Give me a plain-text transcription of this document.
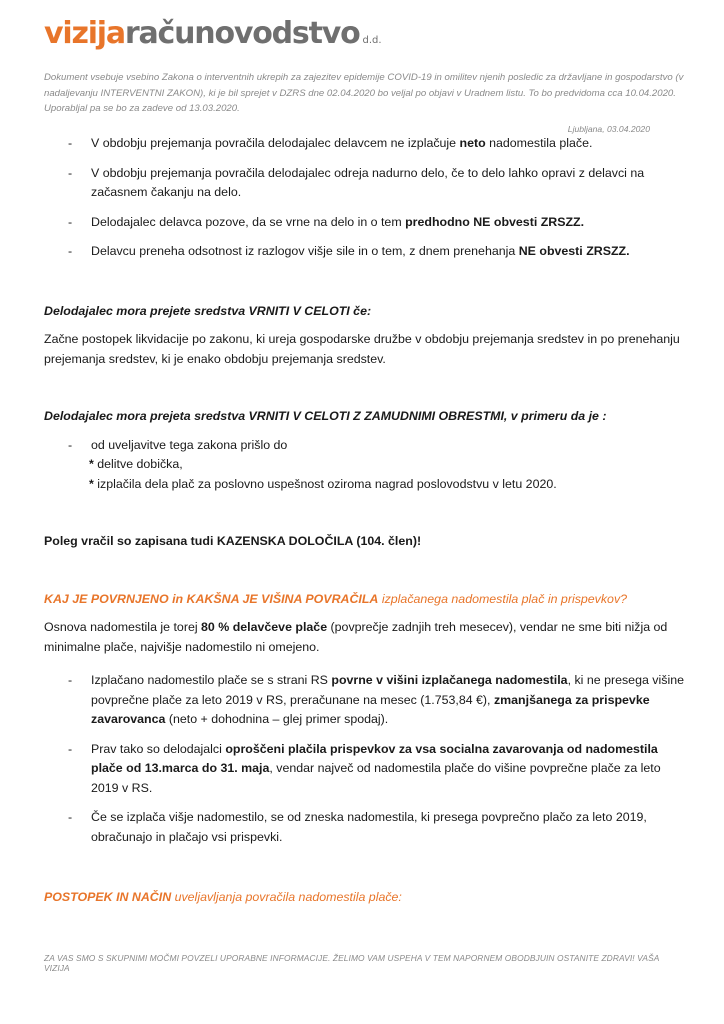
vizijaračunovodstvo d.d.
Dokument vsebuje vsebino Zakona o interventnih ukrepih za zajezitev epidemije COVID-19 in omilitev njenih posledic za državljane in gospodarstvo (v nadaljevanju INTERVENTNI ZAKON), ki je bil sprejet v DZRS dne 02.04.2020 bo veljal po objavi v Uradnem listu. To bo predvidoma cca 10.04.2020. Uporabljal pa se bo za zadeve od 13.03.2020.
Ljubljana, 03.04.2020
- V obdobju prejemanja povračila delodajalec delavcem ne izplačuje neto nadomestila plače.
- V obdobju prejemanja povračila delodajalec odreja nadurno delo, če to delo lahko opravi z delavci na začasnem čakanju na delo.
- Delodajalec delavca pozove, da se vrne na delo in o tem predhodno NE obvesti ZRSZZ.
- Delavcu preneha odsotnost iz razlogov višje sile in o tem, z dnem prenehanja NE obvesti ZRSZZ.
Delodajalec mora prejete sredstva VRNITI V CELOTI če:
Začne postopek likvidacije po zakonu, ki ureja gospodarske družbe v obdobju prejemanja sredstev in po prenehanju prejemanja sredstev, ki je enako obdobju prejemanja sredstev.
Delodajalec mora prejeta sredstva VRNITI V CELOTI Z ZAMUDNIMI OBRESTMI, v primeru da je :
- od uveljavitve tega zakona prišlo do
* delitve dobička,
* izplačila dela plač za poslovno uspešnost oziroma nagrad poslovodstvu v letu 2020.
Poleg vračil so zapisana tudi KAZENSKA DOLOČILA (104. člen)!
KAJ JE POVRNJENO in KAKŠNA JE VIŠINA POVRAČILA izplačanega nadomestila plač in prispevkov?
Osnova nadomestila je torej 80 % delavčeve plače (povprečje zadnjih treh mesecev), vendar ne sme biti nižja od minimalne plače, najvišje nadomestilo ni omejeno.
- Izplačano nadomestilo plače se s strani RS povrne v višini izplačanega nadomestila, ki ne presega višine povprečne plače za leto 2019 v RS, preračunane na mesec (1.753,84 €), zmanjšanega za prispevke zavarovanca (neto + dohodnina – glej primer spodaj).
- Prav tako so delodajalci oproščeni plačila prispevkov za vsa socialna zavarovanja od nadomestila plače od 13.marca do 31. maja, vendar največ od nadomestila plače do višine povprečne plače za leto 2019 v RS.
- Če se izplača višje nadomestilo, se od zneska nadomestila, ki presega povprečno plačo za leto 2019, obračunajo in plačajo vsi prispevki.
POSTOPEK IN NAČIN uveljavljanja povračila nadomestila plače:
ZA VAS SMO S SKUPNIMI MOČMI POVZELI UPORABNE INFORMACIJE. ŽELIMO VAM USPEHA V TEM NAPORNEM OBODBJUIN OSTANITE ZDRAVI! VAŠA VIZIJA
